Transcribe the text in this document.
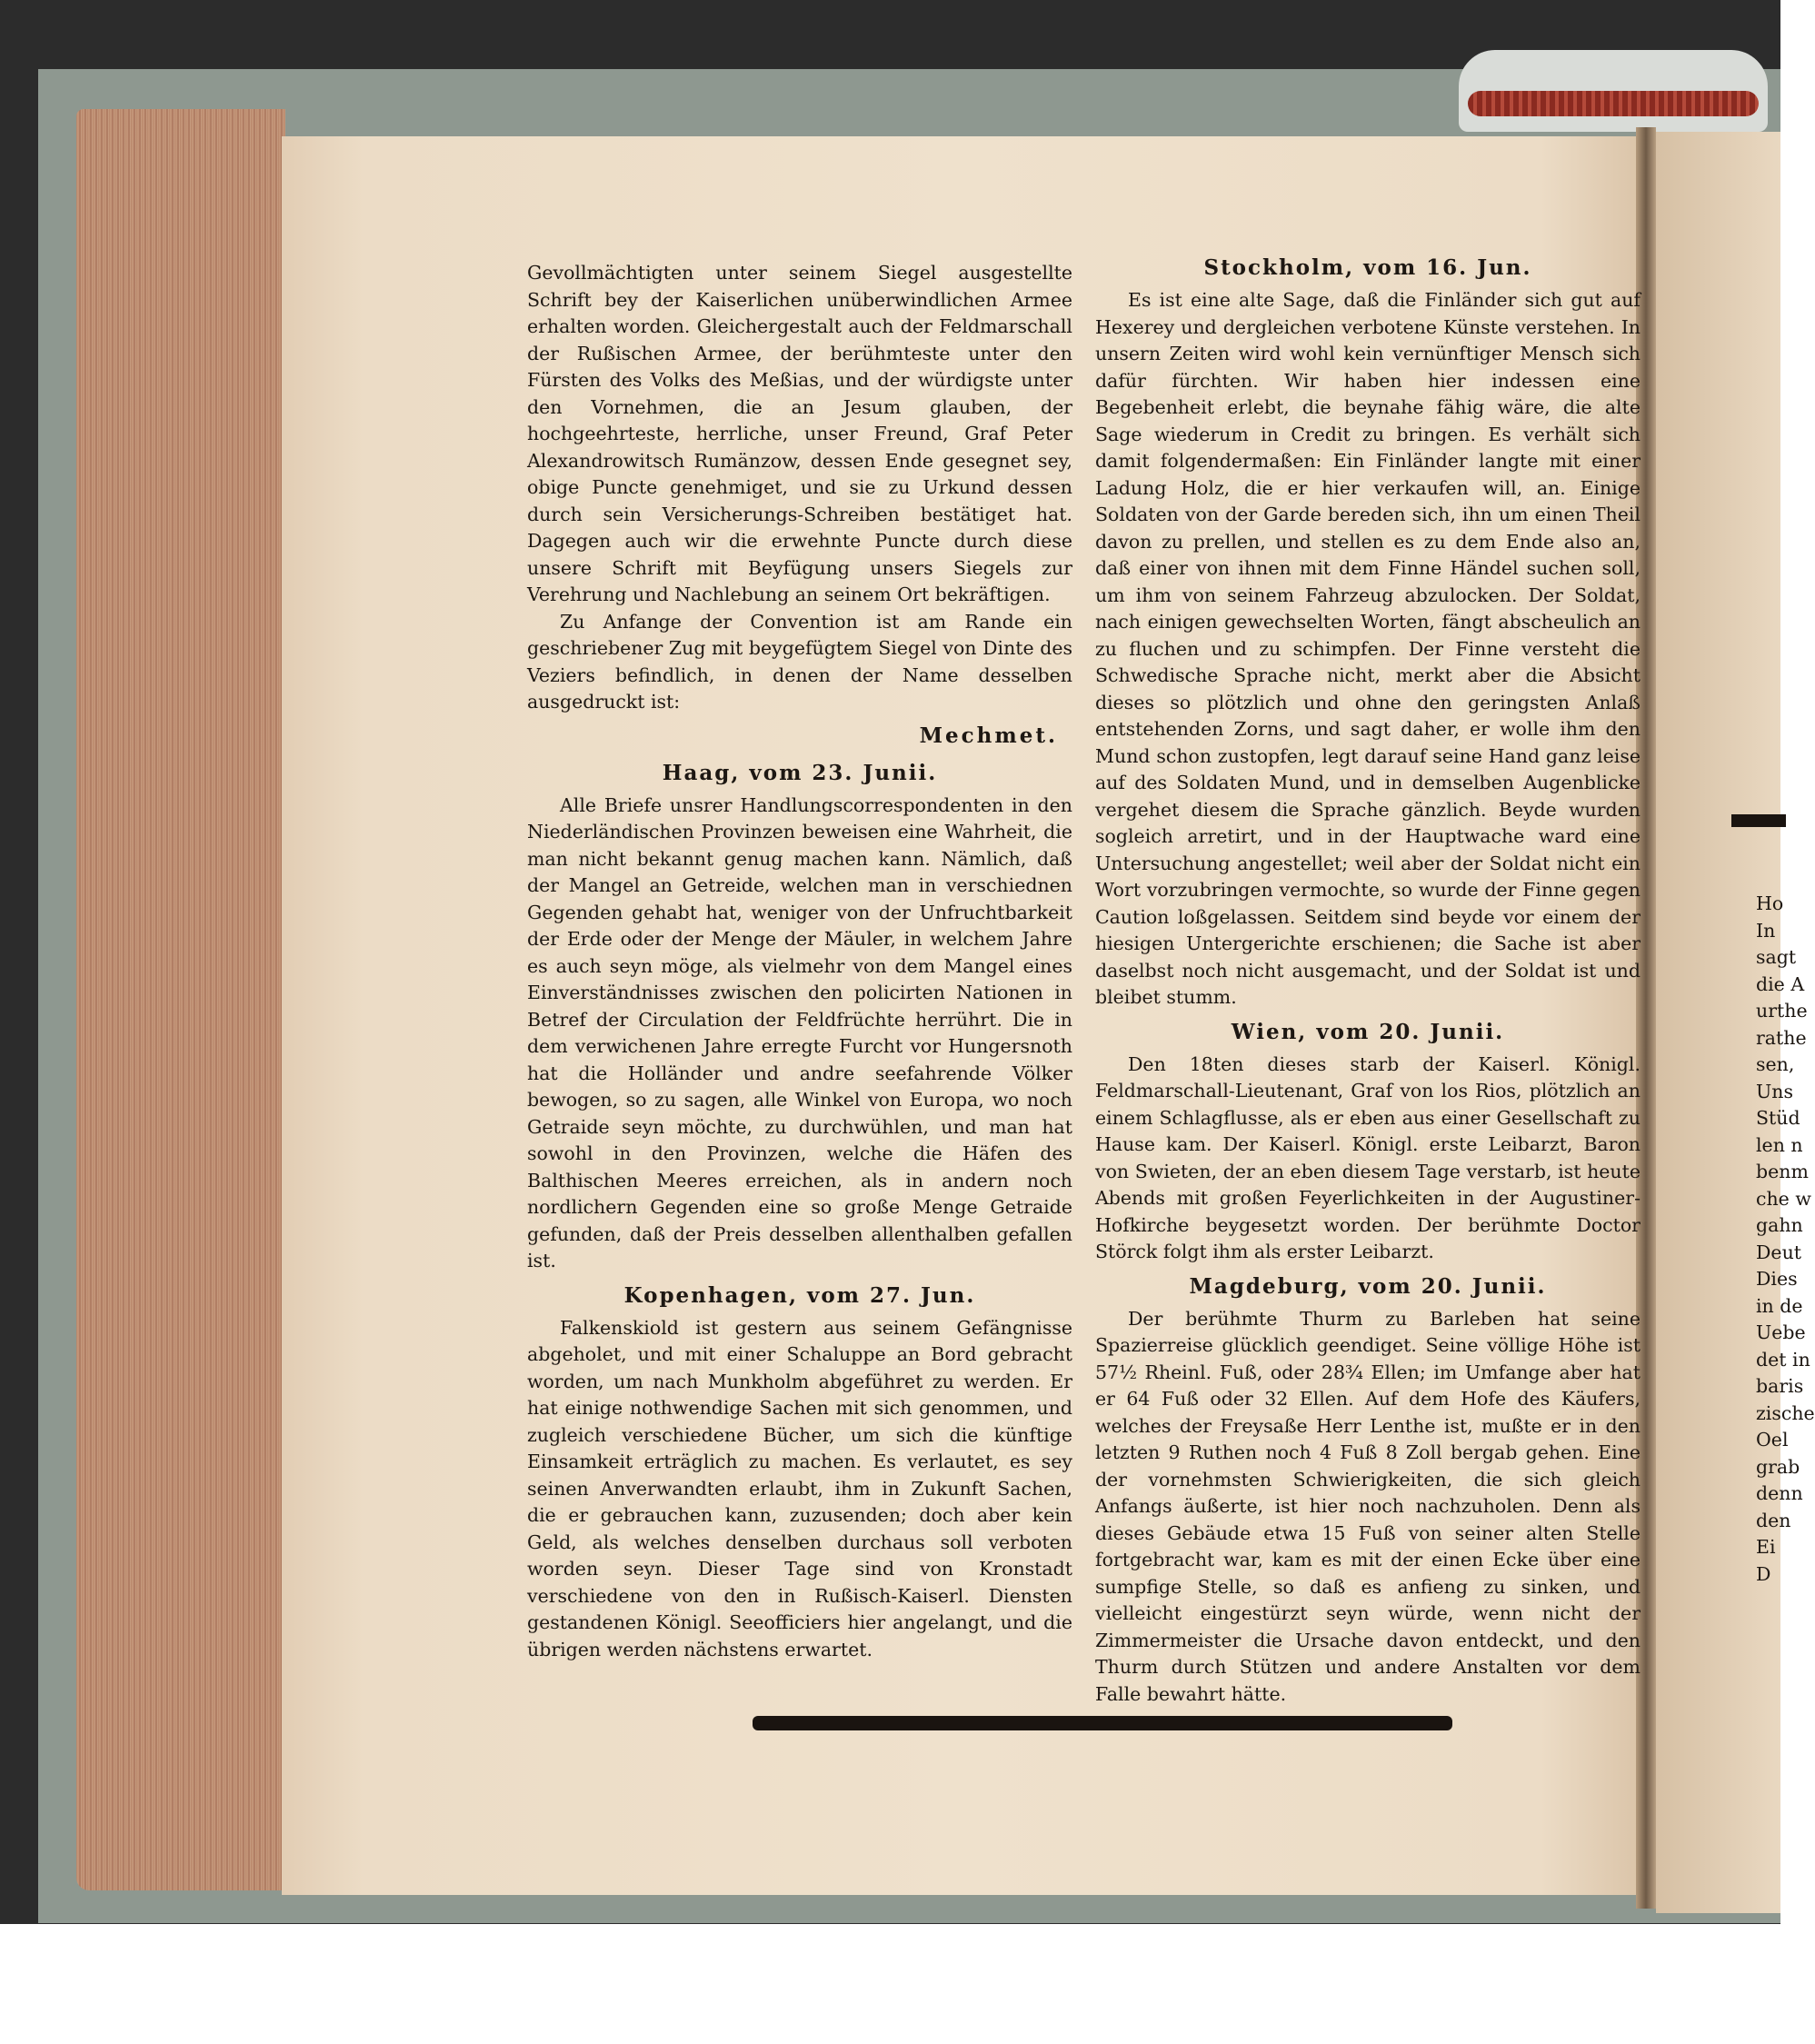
Gevollmächtigten unter seinem Siegel ausgestellte Schrift bey der Kaiserlichen unüberwindlichen Armee erhalten worden. Gleichergestalt auch der Feldmarschall der Rußischen Armee, der berühmteste unter den Fürsten des Volks des Meßias, und der würdigste unter den Vornehmen, die an Jesum glauben, der hochgeehrteste, herrliche, unser Freund, Graf Peter Alexandrowitsch Rumänzow, dessen Ende gesegnet sey, obige Puncte genehmiget, und sie zu Urkund dessen durch sein Versicherungs-Schreiben bestätiget hat. Dagegen auch wir die erwehnte Puncte durch diese unsere Schrift mit Beyfügung unsers Siegels zur Verehrung und Nachlebung an seinem Ort bekräftigen.

Zu Anfange der Convention ist am Rande ein geschriebener Zug mit beygefügtem Siegel von Dinte des Veziers befindlich, in denen der Name desselben ausgedruckt ist:

Mechmet.
Haag, vom 23. Junii.

Alle Briefe unsrer Handlungscorrespondenten in den Niederländischen Provinzen beweisen eine Wahrheit, die man nicht bekannt genug machen kann. Nämlich, daß der Mangel an Getreide, welchen man in verschiednen Gegenden gehabt hat, weniger von der Unfruchtbarkeit der Erde oder der Menge der Mäuler, in welchem Jahre es auch seyn möge, als vielmehr von dem Mangel eines Einverständnisses zwischen den policirten Nationen in Betref der Circulation der Feldfrüchte herrührt. Die in dem verwichenen Jahre erregte Furcht vor Hungersnoth hat die Holländer und andre seefahrende Völker bewogen, so zu sagen, alle Winkel von Europa, wo noch Getraide seyn möchte, zu durchwühlen, und man hat sowohl in den Provinzen, welche die Häfen des Balthischen Meeres erreichen, als in andern noch nordlichern Gegenden eine so große Menge Getraide gefunden, daß der Preis desselben allenthalben gefallen ist.

Kopenhagen, vom 27. Jun.

Falkenskiold ist gestern aus seinem Gefängnisse abgeholet, und mit einer Schaluppe an Bord gebracht worden, um nach Munkholm abgeführet zu werden. Er hat einige nothwendige Sachen mit sich genommen, und zugleich verschiedene Bücher, um sich die künftige Einsamkeit erträglich zu machen. Es verlautet, es sey seinen Anverwandten erlaubt, ihm in Zukunft Sachen, die er gebrauchen kann, zuzusenden; doch aber kein Geld, als welches denselben durchaus soll verboten worden seyn. Dieser Tage sind von Kronstadt verschiedene von den in Rußisch-Kaiserl. Diensten gestandenen Königl. Seeofficiers hier angelangt, und die übrigen werden nächstens erwartet.

Stockholm, vom 16. Jun.

Es ist eine alte Sage, daß die Finländer sich gut auf Hexerey und dergleichen verbotene Künste verstehen. In unsern Zeiten wird wohl kein vernünftiger Mensch sich dafür fürchten. Wir haben hier indessen eine Begebenheit erlebt, die beynahe fähig wäre, die alte Sage wiederum in Credit zu bringen. Es verhält sich damit folgendermaßen: Ein Finländer langte mit einer Ladung Holz, die er hier verkaufen will, an. Einige Soldaten von der Garde bereden sich, ihn um einen Theil davon zu prellen, und stellen es zu dem Ende also an, daß einer von ihnen mit dem Finne Händel suchen soll, um ihm von seinem Fahrzeug abzulocken. Der Soldat, nach einigen gewechselten Worten, fängt abscheulich an zu fluchen und zu schimpfen. Der Finne versteht die Schwedische Sprache nicht, merkt aber die Absicht dieses so plötzlich und ohne den geringsten Anlaß entstehenden Zorns, und sagt daher, er wolle ihm den Mund schon zustopfen, legt darauf seine Hand ganz leise auf des Soldaten Mund, und in demselben Augenblicke vergehet diesem die Sprache gänzlich. Beyde wurden sogleich arretirt, und in der Hauptwache ward eine Untersuchung angestellet; weil aber der Soldat nicht ein Wort vorzubringen vermochte, so wurde der Finne gegen Caution loßgelassen. Seitdem sind beyde vor einem der hiesigen Untergerichte erschienen; die Sache ist aber daselbst noch nicht ausgemacht, und der Soldat ist und bleibet stumm.

Wien, vom 20. Junii.

Den 18ten dieses starb der Kaiserl. Königl. Feldmarschall-Lieutenant, Graf von los Rios, plötzlich an einem Schlagflusse, als er eben aus einer Gesellschaft zu Hause kam. Der Kaiserl. Königl. erste Leibarzt, Baron von Swieten, der an eben diesem Tage verstarb, ist heute Abends mit großen Feyerlichkeiten in der Augustiner-Hofkirche beygesetzt worden. Der berühmte Doctor Störck folgt ihm als erster Leibarzt.

Magdeburg, vom 20. Junii.

Der berühmte Thurm zu Barleben hat seine Spazierreise glücklich geendiget. Seine völlige Höhe ist 57½ Rheinl. Fuß, oder 28¾ Ellen; im Umfange aber hat er 64 Fuß oder 32 Ellen. Auf dem Hofe des Käufers, welches der Freysaße Herr Lenthe ist, mußte er in den letzten 9 Ruthen noch 4 Fuß 8 Zoll bergab gehen. Eine der vornehmsten Schwierigkeiten, die sich gleich Anfangs äußerte, ist hier noch nachzuholen. Denn als dieses Gebäude etwa 15 Fuß von seiner alten Stelle fortgebracht war, kam es mit der einen Ecke über eine sumpfige Stelle, so daß es anfieng zu sinken, und vielleicht eingestürzt seyn würde, wenn nicht der Zimmermeister die Ursache davon entdeckt, und den Thurm durch Stützen und andere Anstalten vor dem Falle bewahrt hätte.

Ho
In
sagt
die A
urthe
rathe
sen,
Uns
Stüd
len n
benm
che w
gahn
Deut
Dies
in de
Uebe
det in
baris
zische
Oel
grab
denn
den
Ei
D
